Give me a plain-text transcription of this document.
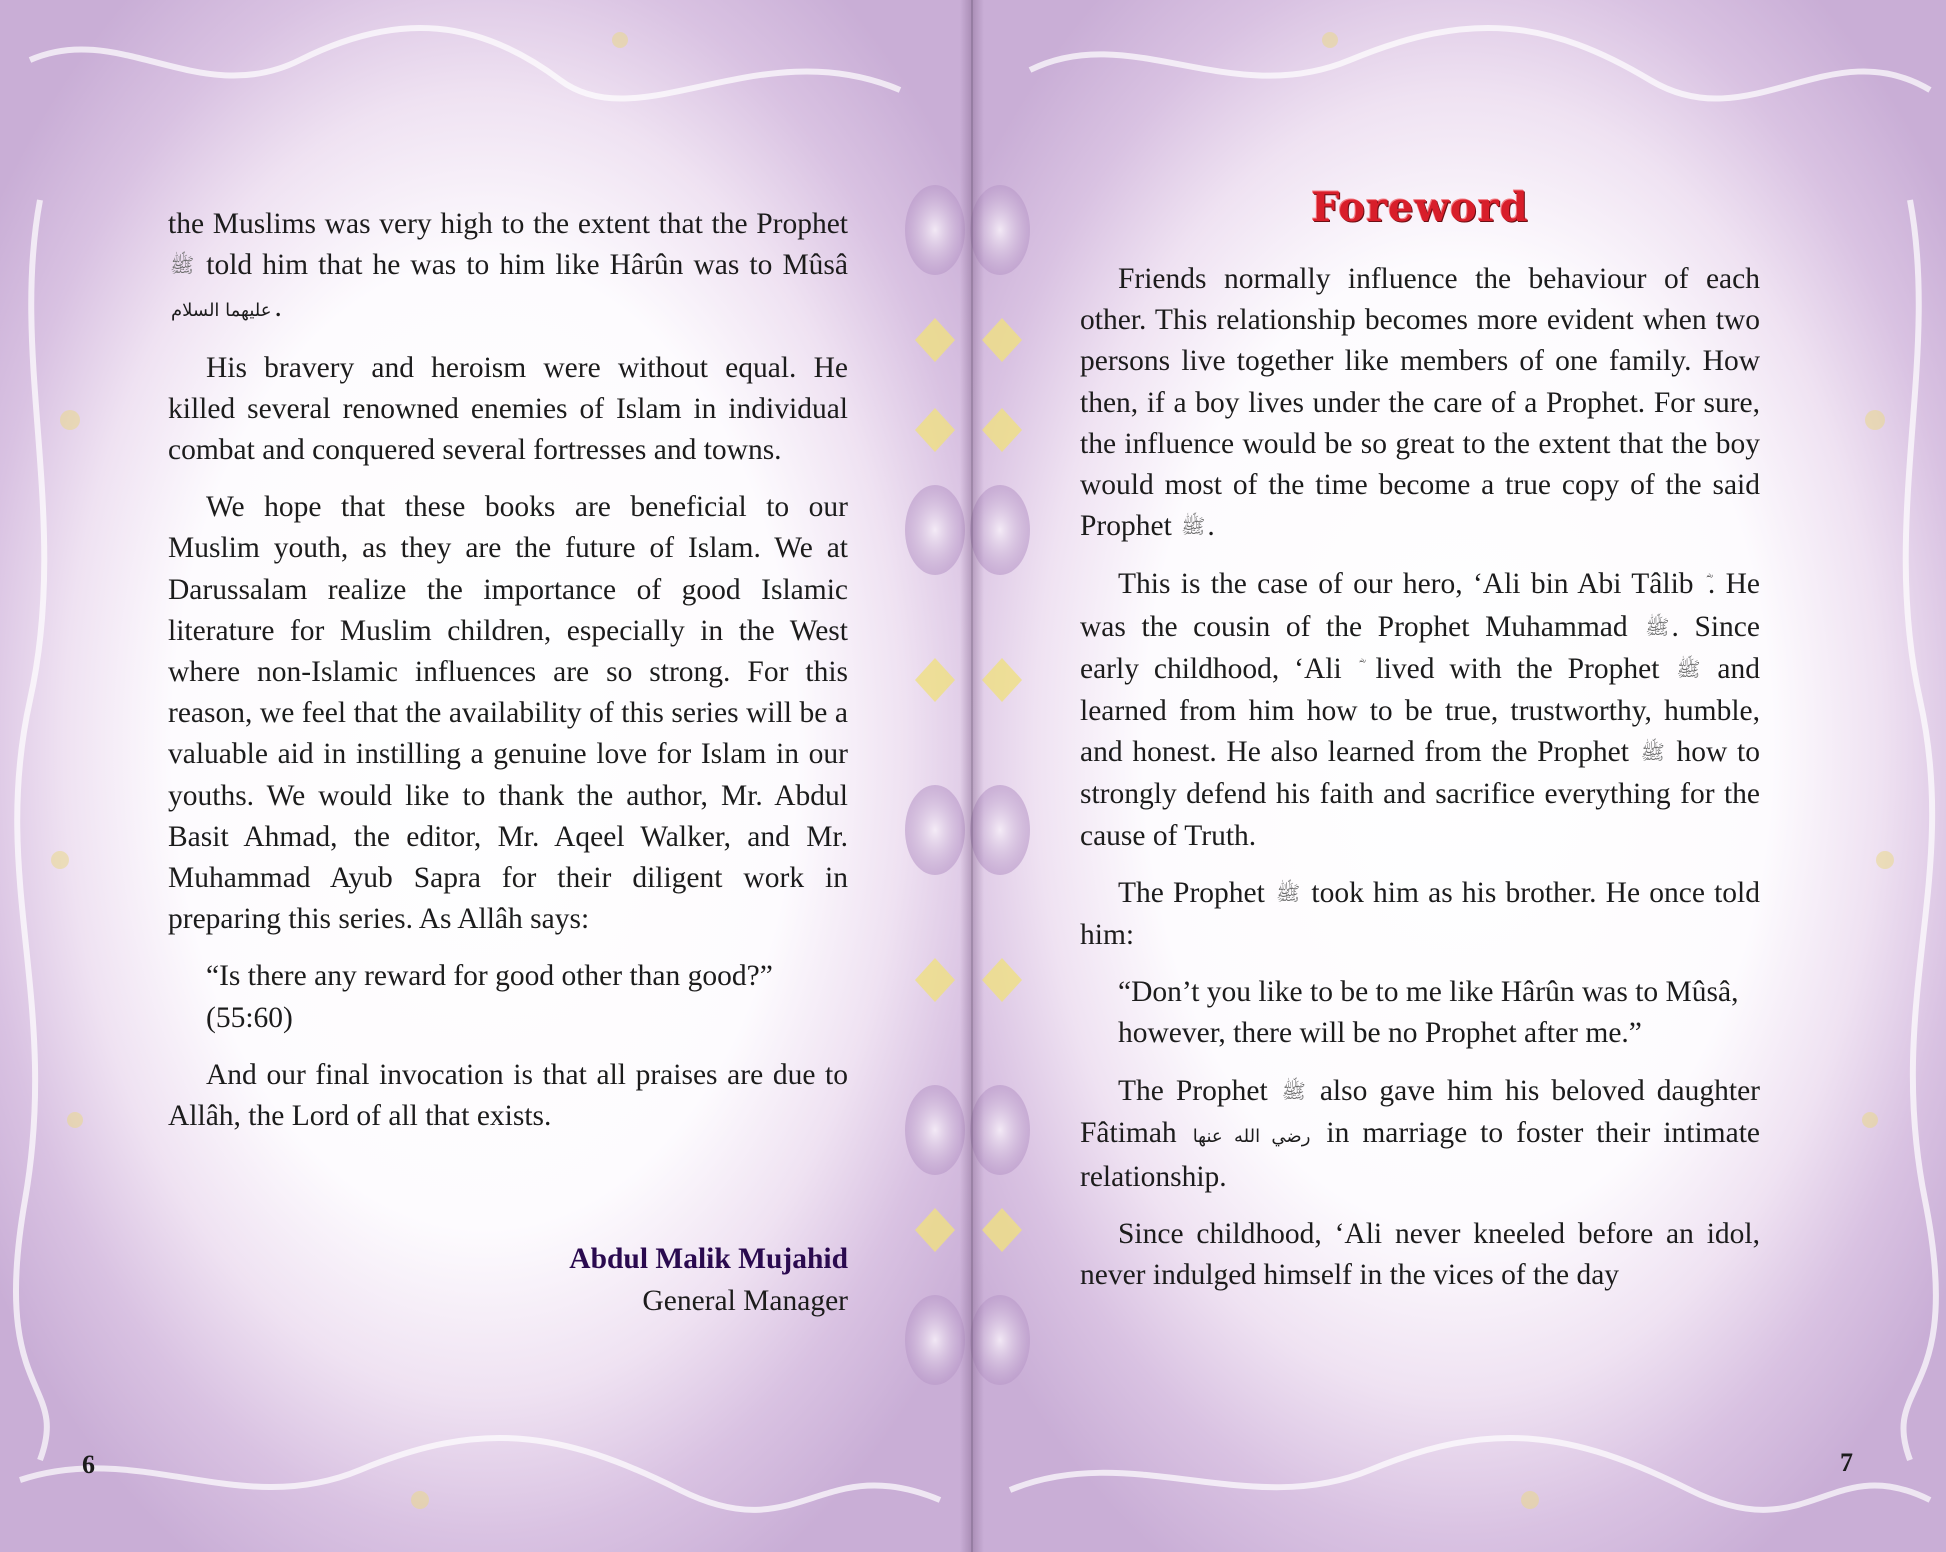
the Muslims was very high to the extent that the Prophet ﷺ told him that he was to him like Hârûn was to Mûsâ عليهما السلام .

His bravery and heroism were without equal. He killed several renowned enemies of Islam in individual combat and conquered several fortresses and towns.

We hope that these books are beneficial to our Muslim youth, as they are the future of Islam. We at Darussalam realize the importance of good Islamic literature for Muslim children, especially in the West where non-Islamic influences are so strong. For this reason, we feel that the availability of this series will be a valuable aid in instilling a genuine love for Islam in our youths. We would like to thank the author, Mr. Abdul Basit Ahmad, the editor, Mr. Aqeel Walker, and Mr. Muhammad Ayub Sapra for their diligent work in preparing this series. As Allâh says:

“Is there any reward for good other than good?” (55:60)

And our final invocation is that all praises are due to Allâh, the Lord of all that exists.

Abdul Malik Mujahid
General Manager
6
Foreword

Friends normally influence the behaviour of each other. This relationship becomes more evident when two persons live together like members of one family. How then, if a boy lives under the care of a Prophet. For sure, the influence would be so great to the extent that the boy would most of the time become a true copy of the said Prophet ﷺ.

This is the case of our hero, ‘Ali bin Abi Tâlib . He was the cousin of the Prophet Muhammad ﷺ. Since early childhood, ‘Ali lived with the Prophet ﷺ and learned from him how to be true, trustworthy, humble, and honest. He also learned from the Prophet ﷺ how to strongly defend his faith and sacrifice everything for the cause of Truth.

The Prophet ﷺ took him as his brother. He once told him:

“Don’t you like to be to me like Hârûn was to Mûsâ, however, there will be no Prophet after me.”

The Prophet ﷺ also gave him his beloved daughter Fâtimah رضي الله عنها in marriage to foster their intimate relationship.

Since childhood, ‘Ali never kneeled before an idol, never indulged himself in the vices of the day

7
